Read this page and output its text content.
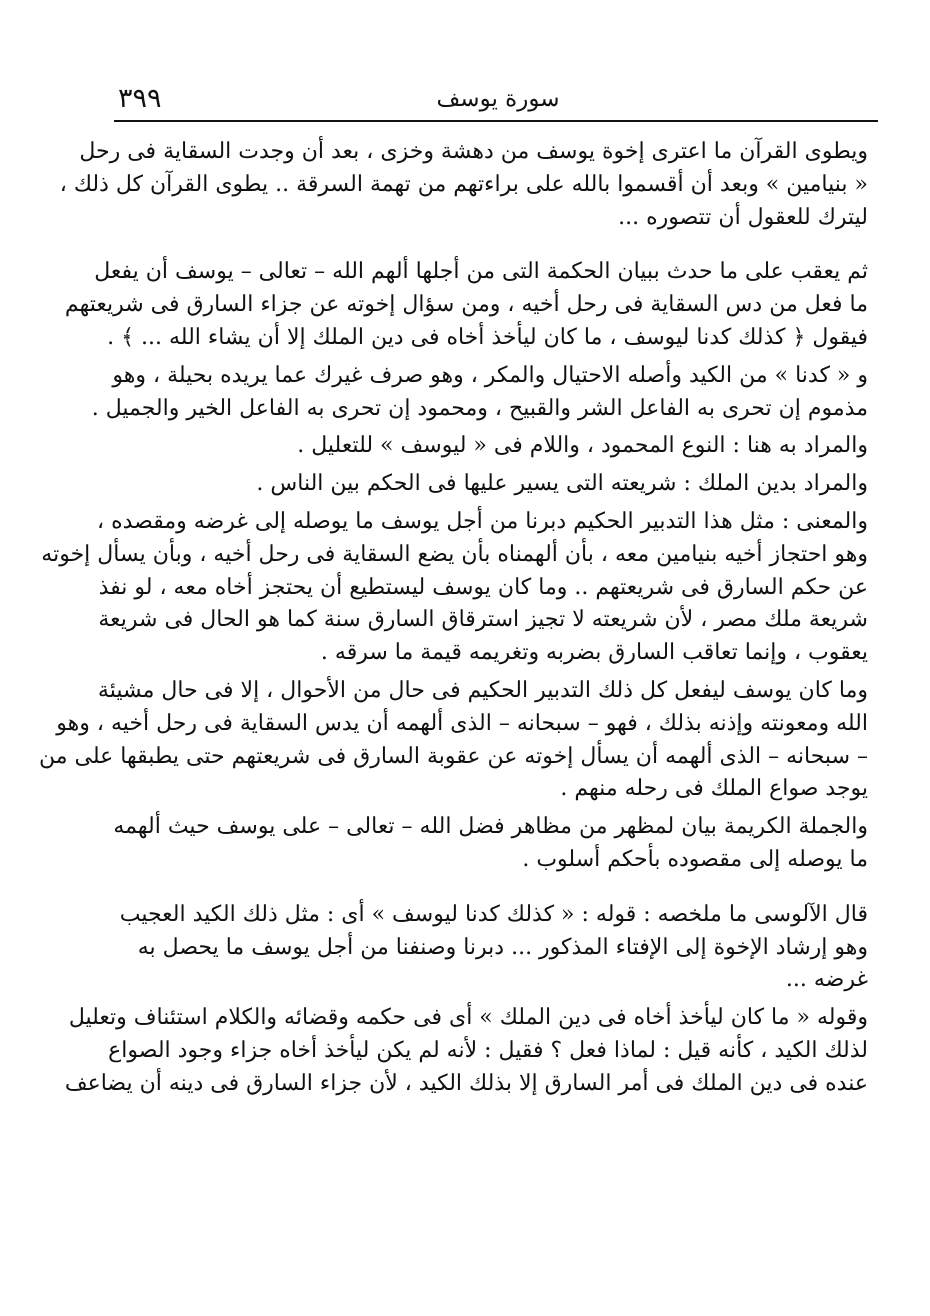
٣٩٩	سورة يوسف
ويطوى القرآن ما اعترى إخوة يوسف من دهشة وخزى ، بعد أن وجدت السقاية فى رحل
« بنيامين » وبعد أن أقسموا بالله على براءتهم من تهمة السرقة .. يطوى القرآن كل ذلك ،
ليترك للعقول أن تتصوره ...
ثم يعقب على ما حدث ببيان الحكمة التى من أجلها ألهم الله – تعالى – يوسف أن يفعل
ما فعل من دس السقاية فى رحل أخيه ، ومن سؤال إخوته عن جزاء السارق فى شريعتهم
فيقول ﴿ كذلك كدنا ليوسف ، ما كان ليأخذ أخاه فى دين الملك إلا أن يشاء الله ... ﴾ .
و « كدنا » من الكيد وأصله الاحتيال والمكر ، وهو صرف غيرك عما يريده بحيلة ، وهو
مذموم إن تحرى به الفاعل الشر والقبيح ، ومحمود إن تحرى به الفاعل الخير والجميل .
والمراد به هنا : النوع المحمود ، واللام فى « ليوسف » للتعليل .
والمراد بدين الملك : شريعته التى يسير عليها فى الحكم بين الناس .
والمعنى : مثل هذا التدبير الحكيم دبرنا من أجل يوسف ما يوصله إلى غرضه ومقصده ،
وهو احتجاز أخيه بنيامين معه ، بأن ألهمناه بأن يضع السقاية فى رحل أخيه ، وبأن يسأل إخوته
عن حكم السارق فى شريعتهم .. وما كان يوسف ليستطيع أن يحتجز أخاه معه ، لو نفذ
شريعة ملك مصر ، لأن شريعته لا تجيز استرقاق السارق سنة كما هو الحال فى شريعة
يعقوب ، وإنما تعاقب السارق بضربه وتغريمه قيمة ما سرقه .
وما كان يوسف ليفعل كل ذلك التدبير الحكيم فى حال من الأحوال ، إلا فى حال مشيئة
الله ومعونته وإذنه بذلك ، فهو – سبحانه – الذى ألهمه أن يدس السقاية فى رحل أخيه ، وهو
– سبحانه – الذى ألهمه أن يسأل إخوته عن عقوبة السارق فى شريعتهم حتى يطبقها على من
يوجد صواع الملك فى رحله منهم .
والجملة الكريمة بيان لمظهر من مظاهر فضل الله – تعالى – على يوسف حيث ألهمه
ما يوصله إلى مقصوده بأحكم أسلوب .
قال الآلوسى ما ملخصه : قوله : « كذلك كدنا ليوسف » أى : مثل ذلك الكيد العجيب
وهو إرشاد الإخوة إلى الإفتاء المذكور ... دبرنا وصنفنا من أجل يوسف ما يحصل به
غرضه ...
وقوله « ما كان ليأخذ أخاه فى دين الملك » أى فى حكمه وقضائه والكلام استئناف وتعليل
لذلك الكيد ، كأنه قيل : لماذا فعل ؟ فقيل : لأنه لم يكن ليأخذ أخاه جزاء وجود الصواع
عنده فى دين الملك فى أمر السارق إلا بذلك الكيد ، لأن جزاء السارق فى دينه أن يضاعف
